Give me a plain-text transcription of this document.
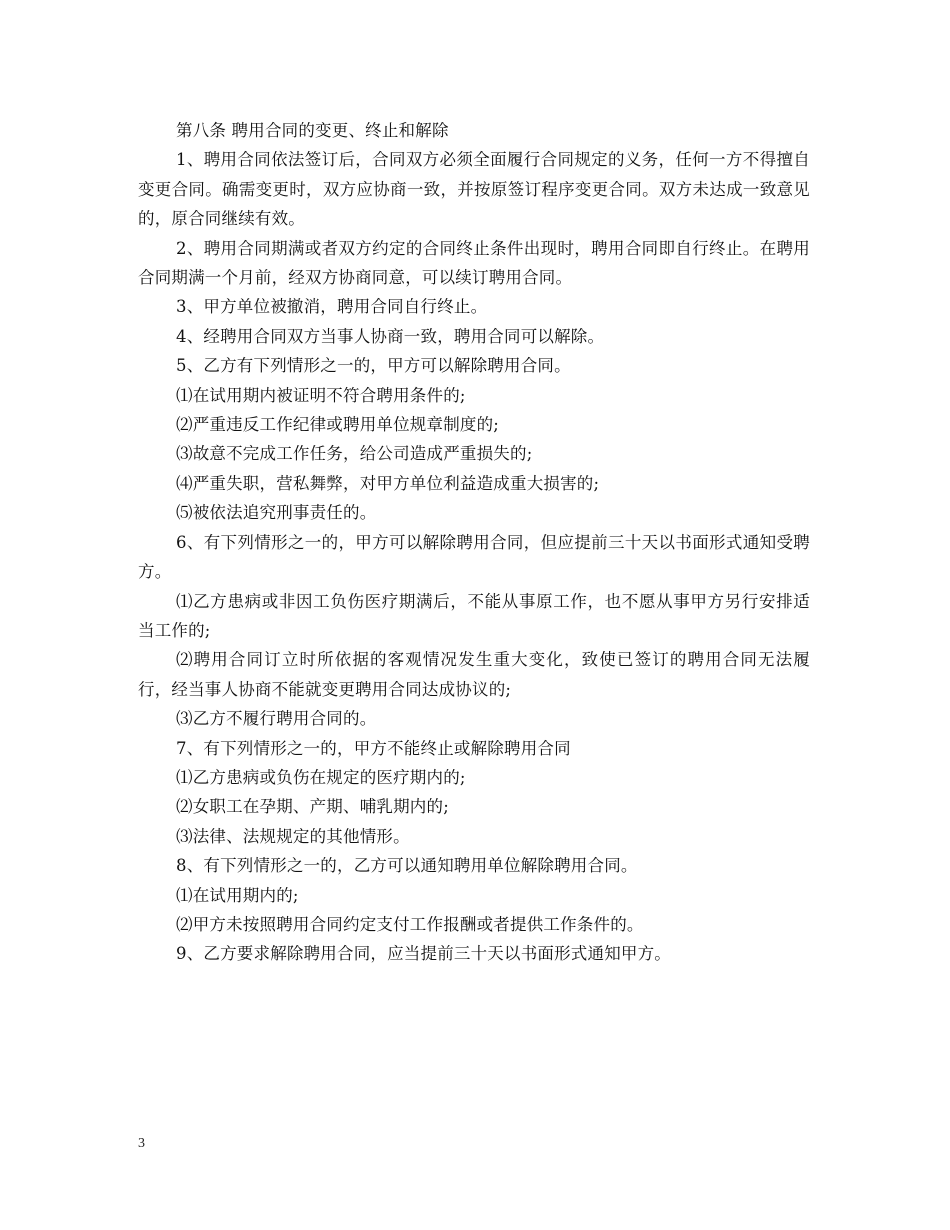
第八条 聘用合同的变更、终止和解除

1、聘用合同依法签订后，合同双方必须全面履行合同规定的义务，任何一方不得擅自变更合同。确需变更时，双方应协商一致，并按原签订程序变更合同。双方未达成一致意见的，原合同继续有效。

2、聘用合同期满或者双方约定的合同终止条件出现时，聘用合同即自行终止。在聘用合同期满一个月前，经双方协商同意，可以续订聘用合同。

3、甲方单位被撤消，聘用合同自行终止。

4、经聘用合同双方当事人协商一致，聘用合同可以解除。

5、乙方有下列情形之一的，甲方可以解除聘用合同。

⑴在试用期内被证明不符合聘用条件的;

⑵严重违反工作纪律或聘用单位规章制度的;

⑶故意不完成工作任务，给公司造成严重损失的;

⑷严重失职，营私舞弊，对甲方单位利益造成重大损害的;

⑸被依法追究刑事责任的。

6、有下列情形之一的，甲方可以解除聘用合同，但应提前三十天以书面形式通知受聘方。

⑴乙方患病或非因工负伤医疗期满后，不能从事原工作，也不愿从事甲方另行安排适当工作的;

⑵聘用合同订立时所依据的客观情况发生重大变化，致使已签订的聘用合同无法履行，经当事人协商不能就变更聘用合同达成协议的;

⑶乙方不履行聘用合同的。

7、有下列情形之一的，甲方不能终止或解除聘用合同

⑴乙方患病或负伤在规定的医疗期内的;

⑵女职工在孕期、产期、哺乳期内的;

⑶法律、法规规定的其他情形。

8、有下列情形之一的，乙方可以通知聘用单位解除聘用合同。

⑴在试用期内的;

⑵甲方未按照聘用合同约定支付工作报酬或者提供工作条件的。

9、乙方要求解除聘用合同，应当提前三十天以书面形式通知甲方。

3
